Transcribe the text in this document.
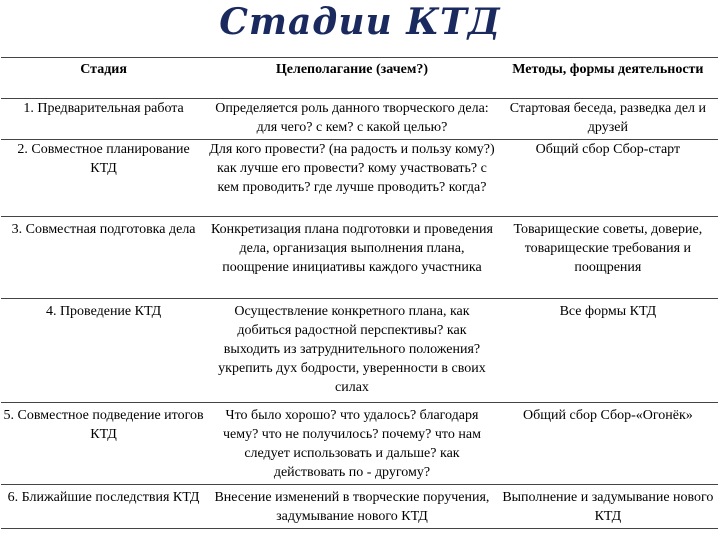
Стадии КТД
Стадия	Целеполагание (зачем?)	Методы, формы деятельности
1. Предварительная работа	Определяется роль данного творческого дела: для чего? с кем? с какой целью?	Стартовая беседа, разведка дел и друзей
2. Совместное планирование КТД	Для кого провести? (на радость и пользу кому?) как лучше его провести? кому участвовать? с кем проводить? где лучше проводить? когда?	Общий сбор Сбор-старт
3. Совместная подготовка дела	Конкретизация плана подготовки и проведения дела, организация выполнения плана, поощрение инициативы каждого участника	Товарищеские советы, доверие, товарищеские требования и поощрения
4. Проведение КТД	Осуществление конкретного плана, как добиться радостной перспективы? как выходить из затруднительного положения? укрепить дух бодрости, уверенности в своих силах	Все формы КТД
5. Совместное подведение итогов КТД	Что было хорошо? что удалось? благодаря чему? что не получилось? почему? что нам следует использовать и дальше? как действовать по - другому?	Общий сбор Сбор-«Огонёк»
6. Ближайшие последствия КТД	Внесение изменений в творческие поручения, задумывание нового КТД	Выполнение и задумывание нового КТД
